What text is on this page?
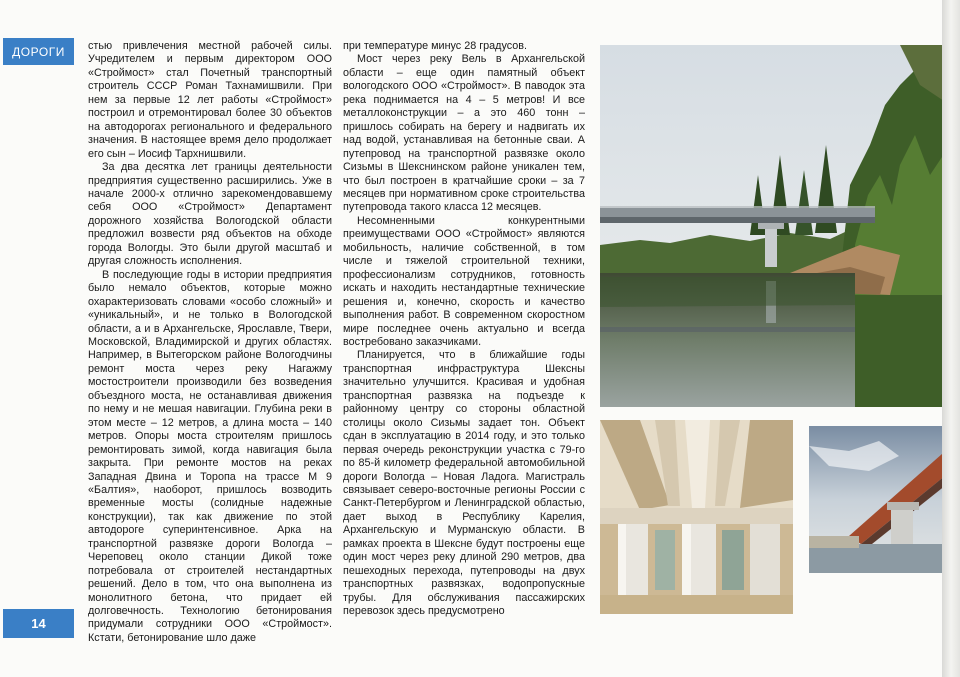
ДОРОГИ
14

стью привлечения местной рабочей силы. Учредителем и первым директором ООО «Строймост» стал Почетный транспортный строитель СССР Роман Тахнамишвили. При нем за первые 12 лет работы «Строймост» построил и отремонтировал более 30 объектов на автодорогах регионального и федерального значения. В настоящее время дело продолжает его сын – Иосиф Тархнишвили.

За два десятка лет границы деятельности предприятия существенно расширились. Уже в начале 2000-х отлично зарекомендовавшему себя ООО «Строймост» Департамент дорожного хозяйства Вологодской области предложил возвести ряд объектов на обходе города Вологды. Это были другой масштаб и другая сложность исполнения.

В последующие годы в истории предприятия было немало объектов, которые можно охарактеризовать словами «особо сложный» и «уникальный», и не только в Вологодской области, а и в Архангельске, Ярославле, Твери, Московской, Владимирской и других областях. Например, в Вытегорском районе Вологодчины ремонт моста через реку Нагажму мостостроители производили без возведения объездного моста, не останавливая движения по нему и не мешая навигации. Глубина реки в этом месте – 12 метров, а длина моста – 140 метров. Опоры моста строителям пришлось ремонтировать зимой, когда навигация была закрыта. При ремонте мостов на реках Западная Двина и Торопа на трассе М 9 «Балтия», наоборот, пришлось возводить временные мосты (солидные надежные конструкции), так как движение по этой автодороге суперинтенсивное. Арка на транспортной развязке дороги Вологда – Череповец около станции Дикой тоже потребовала от строителей нестандартных решений. Дело в том, что она выполнена из монолитного бетона, что придает ей долговечность. Технологию бетонирования придумали сотрудники ООО «Строймост». Кстати, бетонирование шло даже

при температуре минус 28 градусов.

Мост через реку Вель в Архангельской области – еще один памятный объект вологодского ООО «Строймост». В паводок эта река поднимается на 4 – 5 метров! И все металлоконструкции – а это 460 тонн – пришлось собирать на берегу и надвигать их над водой, устанавливая на бетонные сваи. А путепровод на транспортной развязке около Сизьмы в Шекснинском районе уникален тем, что был построен в кратчайшие сроки – за 7 месяцев при нормативном сроке строительства путепровода такого класса 12 месяцев.

Несомненными конкурентными преимуществами ООО «Строймост» являются мобильность, наличие собственной, в том числе и тяжелой строительной техники, профессионализм сотрудников, готовность искать и находить нестандартные технические решения и, конечно, скорость и качество выполнения работ. В современном скоростном мире последнее очень актуально и всегда востребовано заказчиками.

Планируется, что в ближайшие годы транспортная инфраструктура Шексны значительно улучшится. Красивая и удобная транспортная развязка на подъезде к районному центру со стороны областной столицы около Сизьмы задает тон. Объект сдан в эксплуатацию в 2014 году, и это только первая очередь реконструкции участка с 79-го по 85-й километр федеральной автомобильной дороги Вологда – Новая Ладога. Магистраль связывает северо-восточные регионы России с Санкт-Петербургом и Ленинградской областью, дает выход в Республику Карелия, Архангельскую и Мурманскую области. В рамках проекта в Шексне будут построены еще один мост через реку длиной 290 метров, два пешеходных перехода, путепроводы на двух транспортных развязках, водопропускные трубы. Для обслуживания пассажирских перевозок здесь предусмотрено
